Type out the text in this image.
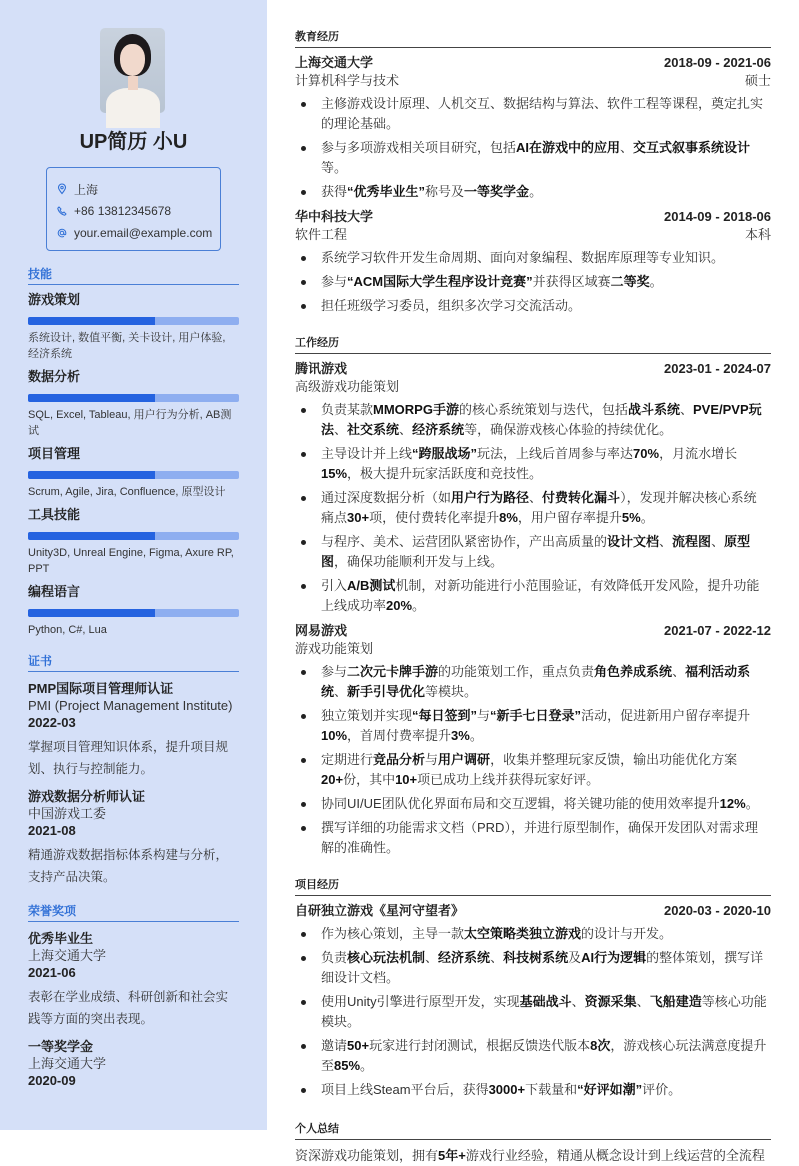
UP简历 小U
上海
+86 13812345678
your.email@example.com
技能
游戏策划
系统设计, 数值平衡, 关卡设计, 用户体验, 经济系统
数据分析
SQL, Excel, Tableau, 用户行为分析, AB测试
项目管理
Scrum, Agile, Jira, Confluence, 原型设计
工具技能
Unity3D, Unreal Engine, Figma, Axure RP, PPT
编程语言
Python, C#, Lua
证书
PMP国际项目管理师认证
PMI (Project Management Institute)
2022-03
掌握项目管理知识体系，提升项目规划、执行与控制能力。
游戏数据分析师认证
中国游戏工委
2021-08
精通游戏数据指标体系构建与分析，支持产品决策。
荣誉奖项
优秀毕业生
上海交通大学
2021-06
表彰在学业成绩、科研创新和社会实践等方面的突出表现。
一等奖学金
上海交通大学
2020-09
教育经历
上海交通大学	2018-09 - 2021-06
计算机科学与技术	硕士
主修游戏设计原理、人机交互、数据结构与算法、软件工程等课程，奠定扎实的理论基础。
参与多项游戏相关项目研究，包括AI在游戏中的应用、交互式叙事系统设计等。
获得“优秀毕业生”称号及一等奖学金。
华中科技大学	2014-09 - 2018-06
软件工程	本科
系统学习软件开发生命周期、面向对象编程、数据库原理等专业知识。
参与“ACM国际大学生程序设计竞赛”并获得区域赛二等奖。
担任班级学习委员，组织多次学习交流活动。
工作经历
腾讯游戏	2023-01 - 2024-07
高级游戏功能策划
负责某款MMORPG手游的核心系统策划与迭代，包括战斗系统、PVE/PVP玩法、社交系统、经济系统等，确保游戏核心体验的持续优化。
主导设计并上线“跨服战场”玩法，上线后首周参与率达70%，月流水增长15%，极大提升玩家活跃度和竞技性。
通过深度数据分析（如用户行为路径、付费转化漏斗），发现并解决核心系统痛点30+项，使付费转化率提升8%，用户留存率提升5%。
与程序、美术、运营团队紧密协作，产出高质量的设计文档、流程图、原型图，确保功能顺利开发与上线。
引入A/B测试机制，对新功能进行小范围验证，有效降低开发风险，提升功能上线成功率20%。
网易游戏	2021-07 - 2022-12
游戏功能策划
参与二次元卡牌手游的功能策划工作，重点负责角色养成系统、福利活动系统、新手引导优化等模块。
独立策划并实现“每日签到”与“新手七日登录”活动，促进新用户留存率提升10%，首周付费率提升3%。
定期进行竞品分析与用户调研，收集并整理玩家反馈，输出功能优化方案20+份，其中10+项已成功上线并获得玩家好评。
协同UI/UE团队优化界面布局和交互逻辑，将关键功能的使用效率提升12%。
撰写详细的功能需求文档（PRD），并进行原型制作，确保开发团队对需求理解的准确性。
项目经历
自研独立游戏《星河守望者》	2020-03 - 2020-10
作为核心策划，主导一款太空策略类独立游戏的设计与开发。
负责核心玩法机制、经济系统、科技树系统及AI行为逻辑的整体策划，撰写详细设计文档。
使用Unity引擎进行原型开发，实现基础战斗、资源采集、飞船建造等核心功能模块。
邀请50+玩家进行封闭测试，根据反馈迭代版本8次，游戏核心玩法满意度提升至85%。
项目上线Steam平台后，获得3000+下载量和“好评如潮”评价。
个人总结
资深游戏功能策划，拥有5年+游戏行业经验，精通从概念设计到上线运营的全流程
